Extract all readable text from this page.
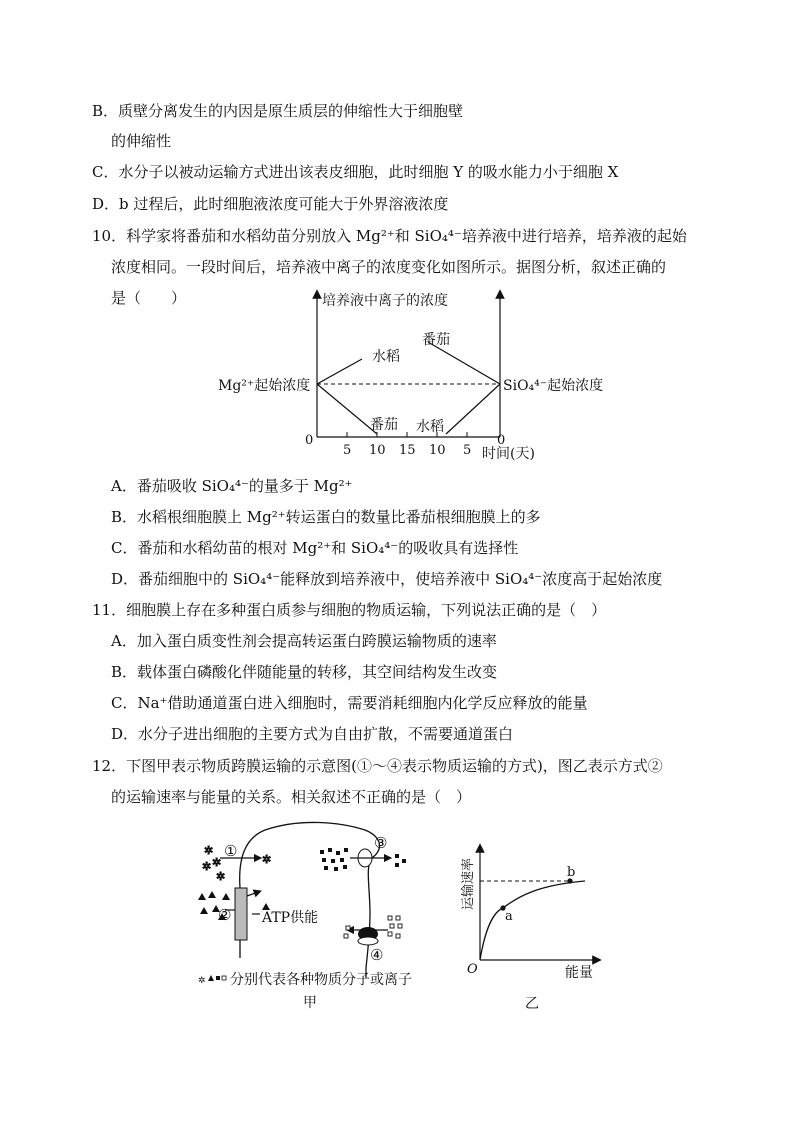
B．质壁分离发生的内因是原生质层的伸缩性大于细胞壁
的伸缩性
C．水分子以被动运输方式进出该表皮细胞，此时细胞 Y 的吸水能力小于细胞 X
D．b 过程后，此时细胞液浓度可能大于外界溶液浓度
10．科学家将番茄和水稻幼苗分别放入 Mg²⁺和 SiO₄⁴⁻培养液中进行培养，培养液的起始
浓度相同。一段时间后，培养液中离子的浓度变化如图所示。据图分析，叙述正确的
是（　　）	培养液中离子的浓度
Mg²⁺起始浓度	SiO₄⁴⁻起始浓度
水稻
番茄
番茄 水稻
0	0
5 10 15 10 5 时间(天)
A．番茄吸收 SiO₄⁴⁻的量多于 Mg²⁺
B．水稻根细胞膜上 Mg²⁺转运蛋白的数量比番茄根细胞膜上的多
C．番茄和水稻幼苗的根对 Mg²⁺和 SiO₄⁴⁻的吸收具有选择性
D．番茄细胞中的 SiO₄⁴⁻能释放到培养液中，使培养液中 SiO₄⁴⁻浓度高于起始浓度
11．细胞膜上存在多种蛋白质参与细胞的物质运输，下列说法正确的是（　）
A．加入蛋白质变性剂会提高转运蛋白跨膜运输物质的速率
B．载体蛋白磷酸化伴随能量的转移，其空间结构发生改变
C．Na⁺借助通道蛋白进入细胞时，需要消耗细胞内化学反应释放的能量
D．水分子进出细胞的主要方式为自由扩散，不需要通道蛋白
12．下图甲表示物质跨膜运输的示意图(①～④表示物质运输的方式)，图乙表示方式②
的运输速率与能量的关系。相关叙述不正确的是（　）
✲
✲
✲
✲
✲
①
②
③
④
ATP供能
✲ 分别代表各种物质分子或离子
甲
a
b
运输速率
O	能量
乙
